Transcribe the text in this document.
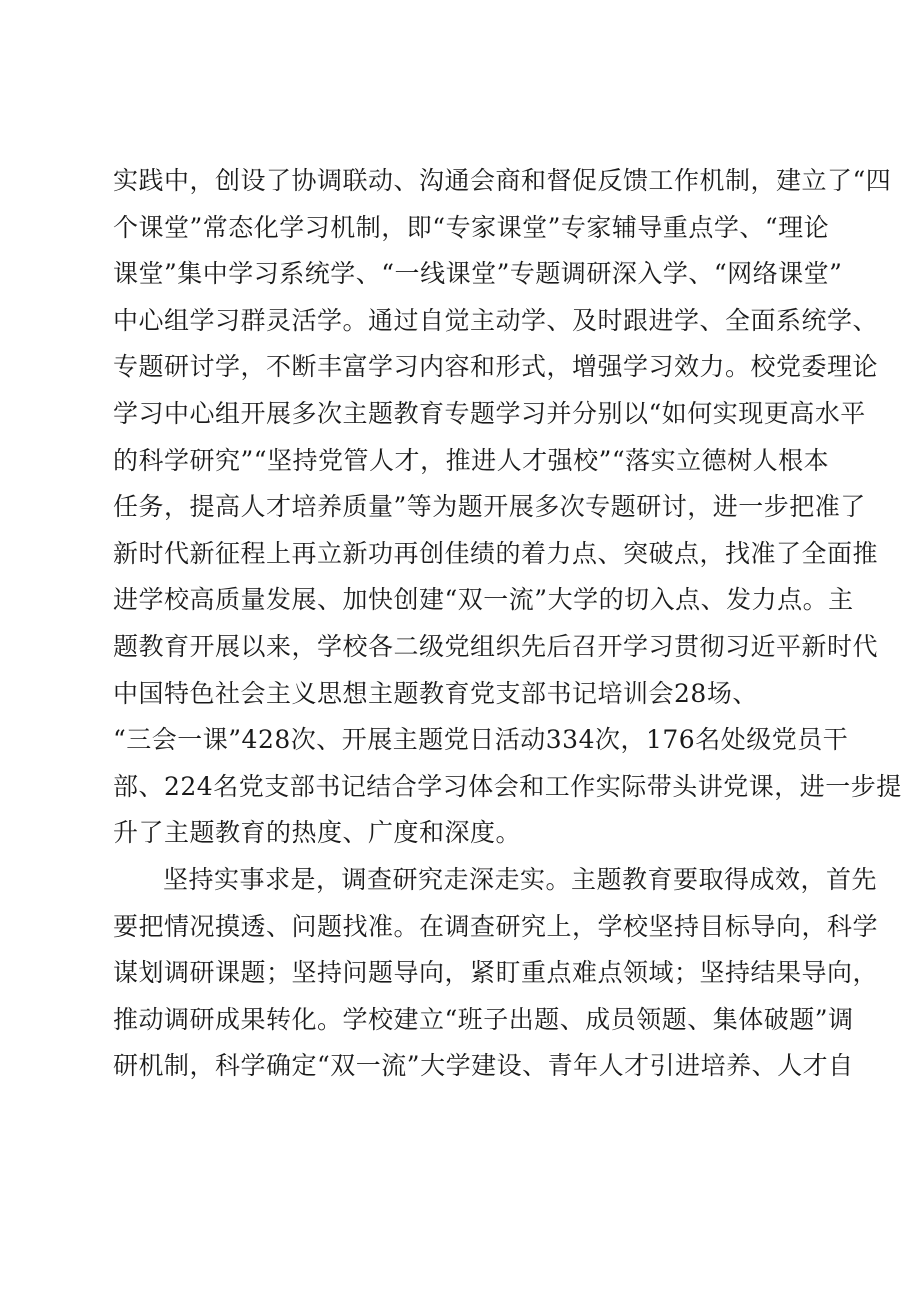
实践中，创设了协调联动、沟通会商和督促反馈工作机制，建立了“四
个课堂”常态化学习机制，即“专家课堂”专家辅导重点学、“理论
课堂”集中学习系统学、“一线课堂”专题调研深入学、“网络课堂”
中心组学习群灵活学。通过自觉主动学、及时跟进学、全面系统学、
专题研讨学，不断丰富学习内容和形式，增强学习效力。校党委理论
学习中心组开展多次主题教育专题学习并分别以“如何实现更高水平
的科学研究”“坚持党管人才，推进人才强校”“落实立德树人根本
任务，提高人才培养质量”等为题开展多次专题研讨，进一步把准了
新时代新征程上再立新功再创佳绩的着力点、突破点，找准了全面推
进学校高质量发展、加快创建“双一流”大学的切入点、发力点。主
题教育开展以来，学校各二级党组织先后召开学习贯彻习近平新时代
中国特色社会主义思想主题教育党支部书记培训会28场、
“三会一课”428次、开展主题党日活动334次，176名处级党员干
部、224名党支部书记结合学习体会和工作实际带头讲党课，进一步提
升了主题教育的热度、广度和深度。
坚持实事求是，调查研究走深走实。主题教育要取得成效，首先
要把情况摸透、问题找准。在调查研究上，学校坚持目标导向，科学
谋划调研课题；坚持问题导向，紧盯重点难点领域；坚持结果导向，
推动调研成果转化。学校建立“班子出题、成员领题、集体破题”调
研机制，科学确定“双一流”大学建设、青年人才引进培养、人才自
